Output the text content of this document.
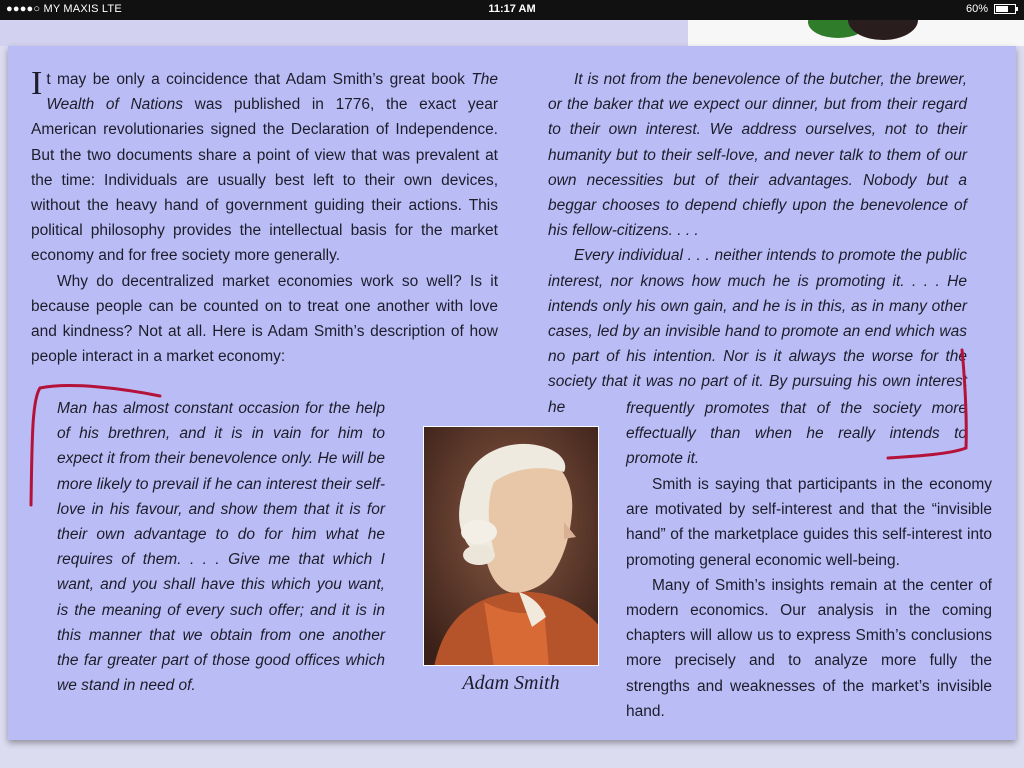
●●●●○ MY MAXIS LTE	11:17 AM	60%

It may be only a coincidence that Adam Smith’s great book The Wealth of Nations was published in 1776, the exact year American revolutionaries signed the Declaration of Independence. But the two documents share a point of view that was prevalent at the time: Individuals are usually best left to their own devices, without the heavy hand of government guiding their actions. This political philosophy provides the intellectual basis for the market economy and for free society more generally.

Why do decentralized market economies work so well? Is it because people can be counted on to treat one another with love and kindness? Not at all. Here is Adam Smith’s description of how people interact in a market economy:

Man has almost constant occasion for the help of his brethren, and it is in vain for him to expect it from their benevolence only. He will be more likely to prevail if he can interest their self-love in his favour, and show them that it is for their own advantage to do for him what he requires of them. . . . Give me that which I want, and you shall have this which you want, is the meaning of every such offer; and it is in this manner that we obtain from one another the far greater part of those good offices which we stand in need of.

It is not from the benevolence of the butcher, the brewer, or the baker that we expect our dinner, but from their regard to their own interest. We address ourselves, not to their humanity but to their self-love, and never talk to them of our own necessities but of their advantages. Nobody but a beggar chooses to depend chiefly upon the benevolence of his fellow-citizens. . . .

Every individual . . . neither intends to promote the public interest, nor knows how much he is promoting it. . . . He intends only his own gain, and he is in this, as in many other cases, led by an invisible hand to promote an end which was no part of his intention. Nor is it always the worse for the society that it was no part of it. By pursuing his own interest he	frequently promotes that of the society more effectually than when he really intends to promote it.

Smith is saying that participants in the economy are motivated by self-interest and that the “invisible hand” of the marketplace guides this self-interest into promoting general economic well-being.

Many of Smith’s insights remain at the center of modern economics. Our analysis in the coming chapters will allow us to express Smith’s conclusions more precisely and to analyze more fully the strengths and weaknesses of the market’s invisible hand.

Adam Smith
